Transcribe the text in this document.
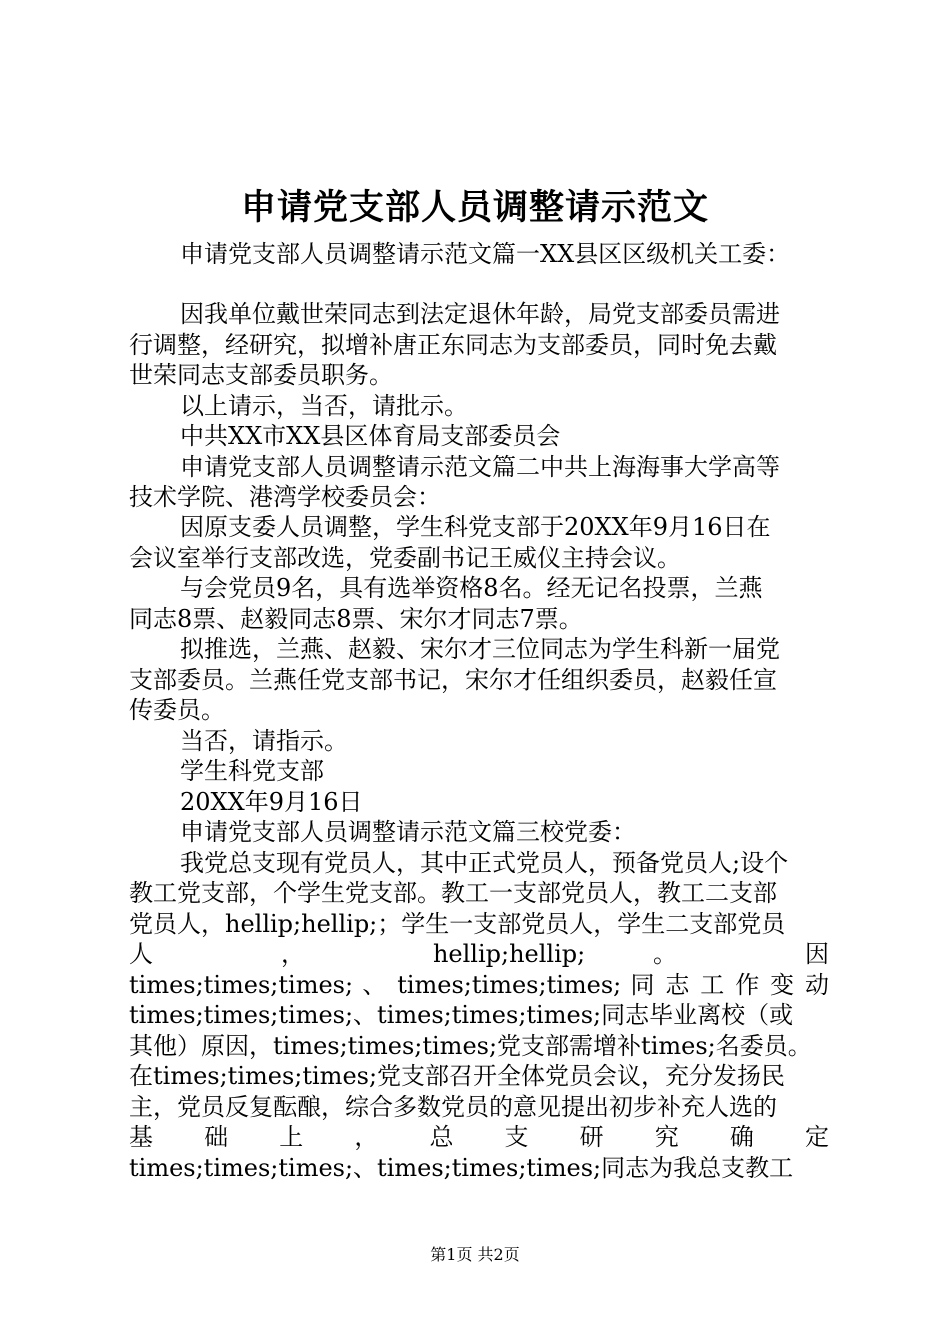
申请党支部人员调整请示范文
申请党支部人员调整请示范文篇一XX县区区级机关工委：
因我单位戴世荣同志到法定退休年龄，局党支部委员需进
行调整，经研究，拟增补唐正东同志为支部委员，同时免去戴
世荣同志支部委员职务。
以上请示，当否，请批示。
中共XX市XX县区体育局支部委员会
申请党支部人员调整请示范文篇二中共上海海事大学高等
技术学院、港湾学校委员会：
因原支委人员调整，学生科党支部于20XX年9月16日在
会议室举行支部改选，党委副书记王威仪主持会议。
与会党员9名，具有选举资格8名。经无记名投票，兰燕
同志8票、赵毅同志8票、宋尔才同志7票。
拟推选，兰燕、赵毅、宋尔才三位同志为学生科新一届党
支部委员。兰燕任党支部书记，宋尔才任组织委员，赵毅任宣
传委员。
当否，请指示。
学生科党支部
20XX年9月16日
申请党支部人员调整请示范文篇三校党委：
我党总支现有党员人，其中正式党员人，预备党员人;设个
教工党支部，个学生党支部。教工一支部党员人，教工二支部
党员人，hellip;hellip;；学生一支部党员人，学生二支部党员
人 ， hellip;hellip; 。 因
times;times;times; 、 times;times;times; 同 志 工 作 变 动
times;times;times;、times;times;times;同志毕业离校（或
其他）原因，times;times;times;党支部需增补times;名委员。
在times;times;times;党支部召开全体党员会议，充分发扬民
主，党员反复酝酿，综合多数党员的意见提出初步补充人选的
基 础 上 ， 总 支 研 究 确 定
times;times;times;、times;times;times;同志为我总支教工
第1页 共2页
